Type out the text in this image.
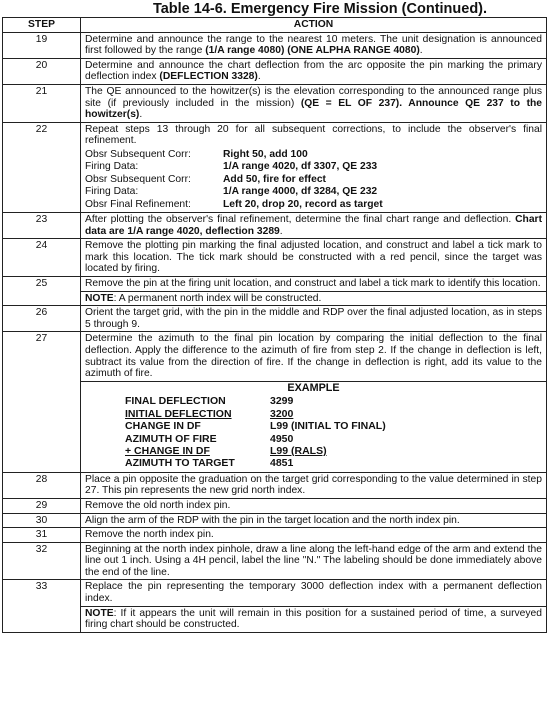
Table 14-6. Emergency Fire Mission (Continued).
STEP	ACTION
19	Determine and announce the range to the nearest 10 meters. The unit designation is announced first followed by the range (1/A range 4080) (ONE ALPHA RANGE 4080).
20	Determine and announce the chart deflection from the arc opposite the pin marking the primary deflection index (DEFLECTION 3328).
21	The QE announced to the howitzer(s) is the elevation corresponding to the announced range plus site (if previously included in the mission) (QE = EL OF 237). Announce QE 237 to the howitzer(s).
22	Repeat steps 13 through 20 for all subsequent corrections, to include the observer's final refinement.

Obsr Subsequent Corr:	Right 50, add 100
Firing Data:	1/A range 4020, df 3307, QE 233
Obsr Subsequent Corr:	Add 50, fire for effect
Firing Data:	1/A range 4000, df 3284, QE 232
Obsr Final Refinement:	Left 20, drop 20, record as target

23	After plotting the observer's final refinement, determine the final chart range and deflection. Chart data are 1/A range 4020, deflection 3289.
24	Remove the plotting pin marking the final adjusted location, and construct and label a tick mark to mark this location. The tick mark should be constructed with a red pencil, since the target was located by firing.
25	Remove the pin at the firing unit location, and construct and label a tick mark to identify this location.

NOTE: A permanent north index will be constructed.

26	Orient the target grid, with the pin in the middle and RDP over the final adjusted location, as in steps 5 through 9.
27	Determine the azimuth to the final pin location by comparing the initial deflection to the final deflection. Apply the difference to the azimuth of fire from step 2. If the change in deflection is left, subtract its value from the direction of fire. If the change in deflection is right, add its value to the azimuth of fire.

EXAMPLE

FINAL DEFLECTION	3299
INITIAL DEFLECTION	3200
CHANGE IN DF	L99 (INITIAL TO FINAL)
AZIMUTH OF FIRE	4950
+ CHANGE IN DF	L99 (RALS)
AZIMUTH TO TARGET	4851

28	Place a pin opposite the graduation on the target grid corresponding to the value determined in step 27. This pin represents the new grid north index.
29	Remove the old north index pin.
30	Align the arm of the RDP with the pin in the target location and the north index pin.
31	Remove the north index pin.
32	Beginning at the north index pinhole, draw a line along the left-hand edge of the arm and extend the line out 1 inch. Using a 4H pencil, label the line "N." The labeling should be done immediately above the end of the line.
33	Replace the pin representing the temporary 3000 deflection index with a permanent deflection index.

NOTE: If it appears the unit will remain in this position for a sustained period of time, a surveyed firing chart should be constructed.
